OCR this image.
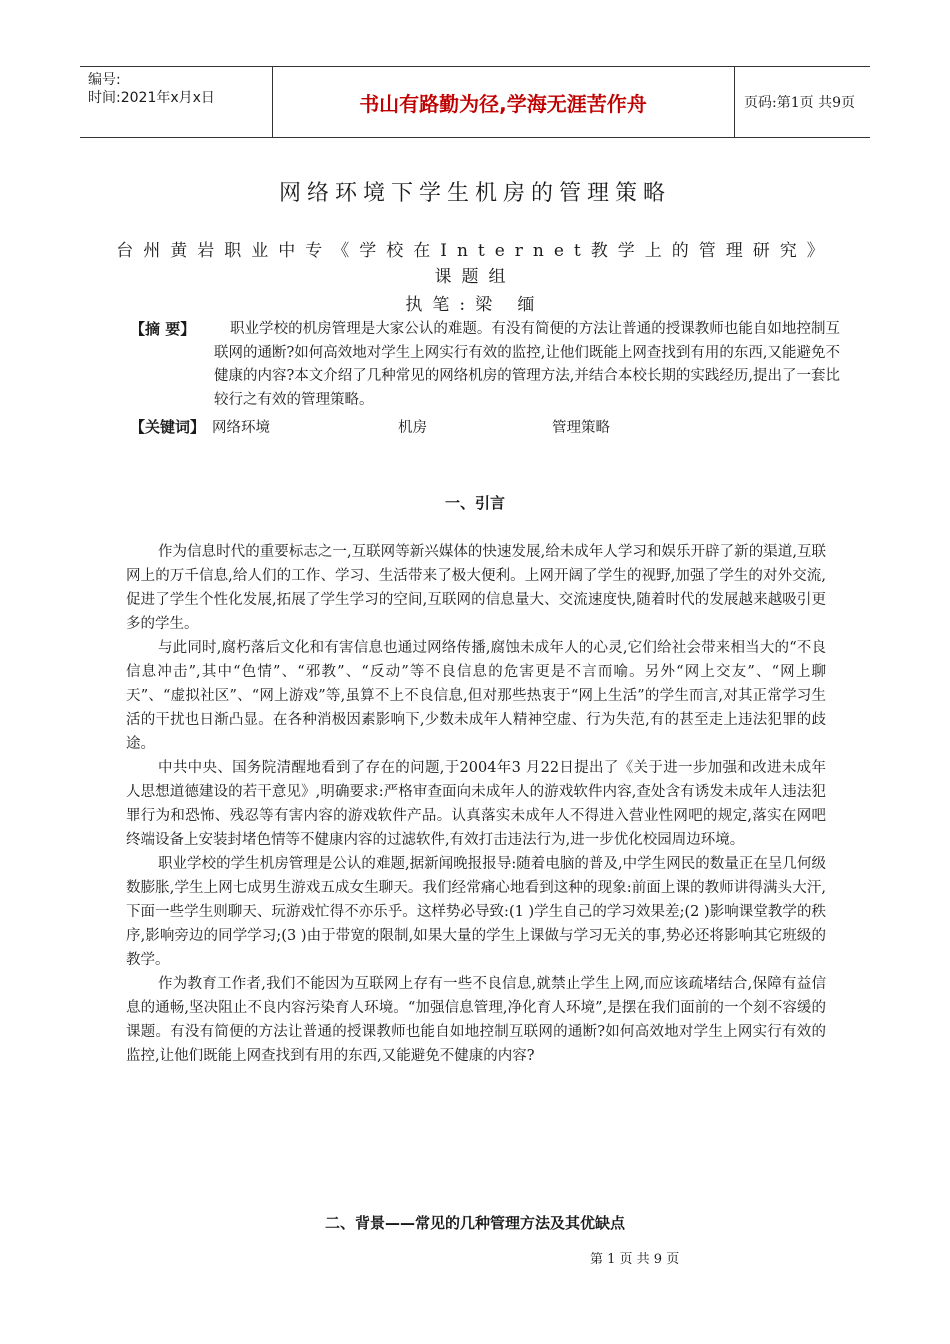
编号:
时间:2021年x月x日	书山有路勤为径,学海无涯苦作舟	页码:第1页 共9页
网络环境下学生机房的管理策略
台州黄岩职业中专《学校在Internet教学上的管理研究》课题组
执笔:梁 缅
【摘 要】	职业学校的机房管理是大家公认的难题。有没有简便的方法让普通的授课教师也能自如地控制互联网的通断?如何高效地对学生上网实行有效的监控,让他们既能上网查找到有用的东西,又能避免不健康的内容?本文介绍了几种常见的网络机房的管理方法,并结合本校长期的实践经历,提出了一套比较行之有效的管理策略。
【关键词】 网络环境	机房	管理策略
一、引言

作为信息时代的重要标志之一,互联网等新兴媒体的快速发展,给未成年人学习和娱乐开辟了新的渠道,互联网上的万千信息,给人们的工作、学习、生活带来了极大便利。上网开阔了学生的视野,加强了学生的对外交流,促进了学生个性化发展,拓展了学生学习的空间,互联网的信息量大、交流速度快,随着时代的发展越来越吸引更多的学生。

与此同时,腐朽落后文化和有害信息也通过网络传播,腐蚀未成年人的心灵,它们给社会带来相当大的“不良信息冲击”,其中“色情”、“邪教”、“反动”等不良信息的危害更是不言而喻。另外“网上交友”、“网上聊天”、“虚拟社区”、“网上游戏”等,虽算不上不良信息,但对那些热衷于“网上生活”的学生而言,对其正常学习生活的干扰也日渐凸显。在各种消极因素影响下,少数未成年人精神空虚、行为失范,有的甚至走上违法犯罪的歧途。

中共中央、国务院清醒地看到了存在的问题,于2004年3 月22日提出了《关于进一步加强和改进未成年人思想道德建设的若干意见》,明确要求:严格审查面向未成年人的游戏软件内容,查处含有诱发未成年人违法犯罪行为和恐怖、残忍等有害内容的游戏软件产品。认真落实未成年人不得进入营业性网吧的规定,落实在网吧终端设备上安装封堵色情等不健康内容的过滤软件,有效打击违法行为,进一步优化校园周边环境。

职业学校的学生机房管理是公认的难题,据新闻晚报报导:随着电脑的普及,中学生网民的数量正在呈几何级数膨胀,学生上网七成男生游戏五成女生聊天。我们经常痛心地看到这种的现象:前面上课的教师讲得满头大汗,下面一些学生则聊天、玩游戏忙得不亦乐乎。这样势必导致:(1 )学生自己的学习效果差;(2 )影响课堂教学的秩序,影响旁边的同学学习;(3 )由于带宽的限制,如果大量的学生上课做与学习无关的事,势必还将影响其它班级的教学。

作为教育工作者,我们不能因为互联网上存有一些不良信息,就禁止学生上网,而应该疏堵结合,保障有益信息的通畅,坚决阻止不良内容污染育人环境。“加强信息管理,净化育人环境”,是摆在我们面前的一个刻不容缓的课题。有没有简便的方法让普通的授课教师也能自如地控制互联网的通断?如何高效地对学生上网实行有效的监控,让他们既能上网查找到有用的东西,又能避免不健康的内容?

二、背景——常见的几种管理方法及其优缺点
第 1 页 共 9 页
